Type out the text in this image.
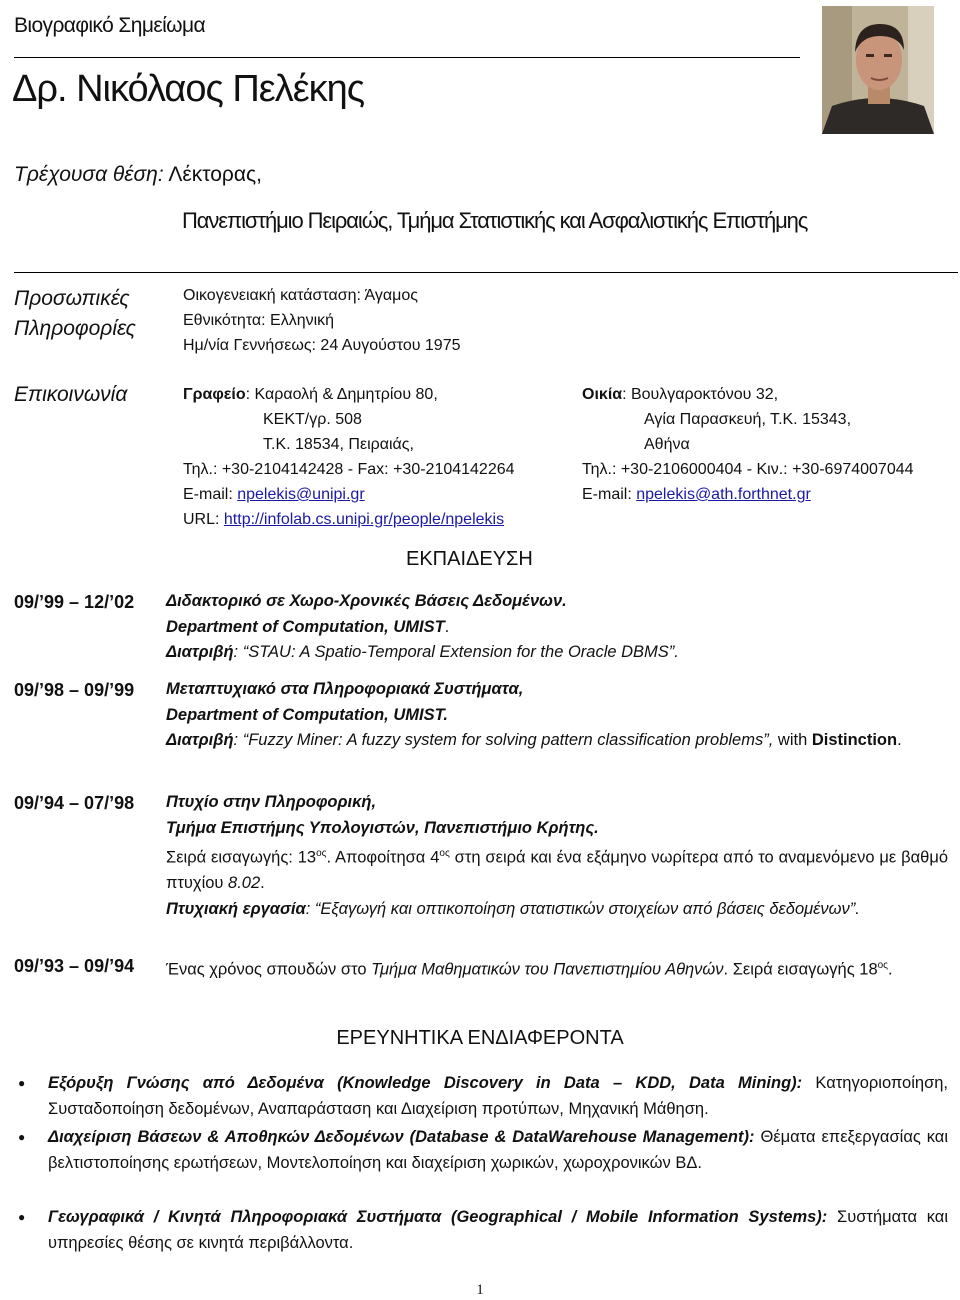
Βιογραφικό Σημείωμα
Δρ. Νικόλαος Πελέκης
Τρέχουσα θέση: Λέκτορας,
Πανεπιστήμιο Πειραιώς, Τμήμα Στατιστικής και Ασφαλιστικής Επιστήμης
Προσωπικές
Πληροφορίες
Οικογενειακή κατάσταση: Άγαμος
Εθνικότητα: Ελληνική
Ημ/νία Γεννήσεως: 24 Αυγούστου 1975
Επικοινωνία	Γραφείο: Καραολή & Δημητρίου 80,
ΚΕΚΤ/γρ. 508
Τ.Κ. 18534, Πειραιάς,
Τηλ.: +30-2104142428 - Fax: +30-2104142264
E-mail: npelekis@unipi.gr
URL: http://infolab.cs.unipi.gr/people/npelekis
Οικία: Βουλγαροκτόνου 32,
Αγία Παρασκευή, Τ.Κ. 15343,
Αθήνα
Τηλ.: +30-2106000404 - Κιν.: +30-6974007044
E-mail: npelekis@ath.forthnet.gr
ΕΚΠΑΙΔΕΥΣΗ
09/’99 – 12/’02 Διδακτορικό σε Χωρο-Χρονικές Βάσεις Δεδομένων.
Department of Computation, UMIST.
Διατριβή: “STAU: A Spatio-Temporal Extension for the Oracle DBMS”.
09/’98 – 09/’99 Μεταπτυχιακό στα Πληροφοριακά Συστήματα,
Department of Computation, UMIST.
Διατριβή: “Fuzzy Miner: A fuzzy system for solving pattern classification problems”, with Distinction.
09/’94 – 07/’98 Πτυχίο στην Πληροφορική,
Τμήμα Επιστήμης Υπολογιστών, Πανεπιστήμιο Κρήτης.
Σειρά εισαγωγής: $13^{o\varsigma}$. Αποφοίτησα $4^{o\varsigma}$ στη σειρά και ένα εξάμηνο νωρίτερα από το αναμενόμενο με βαθμό πτυχίου 8.02.
Πτυχιακή εργασία: “Εξαγωγή και οπτικοποίηση στατιστικών στοιχείων από βάσεις δεδομένων”.
09/’93 – 09/’94 Ένας χρόνος σπουδών στο Τμήμα Μαθηματικών του Πανεπιστημίου Αθηνών. Σειρά εισαγωγής $18^{o\varsigma}$.
ΕΡΕΥΝΗΤΙΚΑ ΕΝΔΙΑΦΕΡΟΝΤΑ
● Εξόρυξη Γνώσης από Δεδομένα (Knowledge Discovery in Data – KDD, Data Mining): Κατηγοριοποίηση, Συσταδοποίηση δεδομένων, Αναπαράσταση και Διαχείριση προτύπων, Μηχανική Μάθηση.
● Διαχείριση Βάσεων & Αποθηκών Δεδομένων (Database & DataWarehouse Management): Θέματα επεξεργασίας και βελτιστοποίησης ερωτήσεων, Μοντελοποίηση και διαχείριση χωρικών, χωροχρονικών ΒΔ.
● Γεωγραφικά / Κινητά Πληροφοριακά Συστήματα (Geographical / Mobile Information Systems): Συστήματα και υπηρεσίες θέσης σε κινητά περιβάλλοντα.
1
